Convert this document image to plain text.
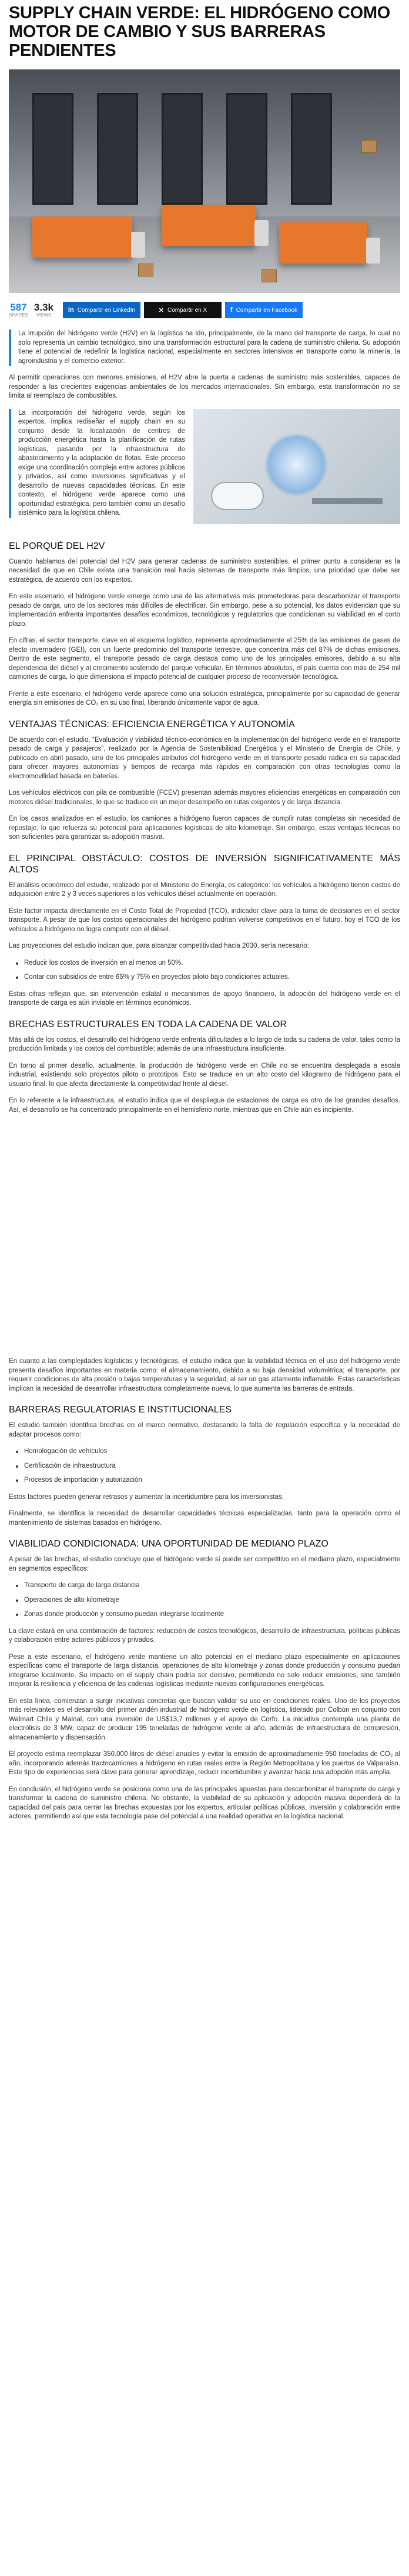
SUPPLY CHAIN VERDE: EL HIDRÓGENO COMO MOTOR DE CAMBIO Y SUS BARRERAS PENDIENTES
587
SHARES
3.3k
VIEWS
in Compartir en LinkedIn	✕ Compartir en X	f Compartir en Facebook

La irrupción del hidrógeno verde (H2V) en la logística ha ido, principalmente, de la mano del transporte de carga, lo cual no solo representa un cambio tecnológico, sino una transformación estructural para la cadena de suministro chilena. Su adopción tiene el potencial de redefinir la logística nacional, especialmente en sectores intensivos en transporte como la minería, la agroindustria y el comercio exterior.

Al permitir operaciones con menores emisiones, el H2V abre la puerta a cadenas de suministro más sostenibles, capaces de responder a las crecientes exigencias ambientales de los mercados internacionales. Sin embargo, esta transformación no se limita al reemplazo de combustibles.

La incorporación del hidrógeno verde, según los expertos, implica rediseñar el supply chain en su conjunto desde la localización de centros de producción energética hasta la planificación de rutas logísticas, pasando por la infraestructura de abastecimiento y la adaptación de flotas. Este proceso exige una coordinación compleja entre actores públicos y privados, así como inversiones significativas y el desarrollo de nuevas capacidades técnicas. En este contexto, el hidrógeno verde aparece como una oportunidad estratégica, pero también como un desafío sistémico para la logística chilena.

EL PORQUÉ DEL H2V

Cuando hablamos del potencial del H2V para generar cadenas de suministro sostenibles, el primer punto a considerar es la necesidad de que en Chile exista una transición real hacia sistemas de transporte más limpios, una prioridad que debe ser estratégica, de acuerdo con los expertos.

En este escenario, el hidrógeno verde emerge como una de las alternativas más prometedoras para descarbonizar el transporte pesado de carga, uno de los sectores más difíciles de electrificar. Sin embargo, pese a su potencial, los datos evidencian que su implementación enfrenta importantes desafíos económicos, tecnológicos y regulatorios que condicionan su viabilidad en el corto plazo.

En cifras, el sector transporte, clave en el esquema logístico, representa aproximadamente el 25% de las emisiones de gases de efecto invernadero (GEI), con un fuerte predominio del transporte terrestre, que concentra más del 87% de dichas emisiones. Dentro de este segmento, el transporte pesado de carga destaca como uno de los principales emisores, debido a su alta dependencia del diésel y al crecimiento sostenido del parque vehicular. En términos absolutos, el país cuenta con más de 254 mil camiones de carga, lo que dimensiona el impacto potencial de cualquier proceso de reconversión tecnológica.

Frente a este escenario, el hidrógeno verde aparece como una solución estratégica, principalmente por su capacidad de generar energía sin emisiones de CO₂ en su uso final, liberando únicamente vapor de agua.

VENTAJAS TÉCNICAS: EFICIENCIA ENERGÉTICA Y AUTONOMÍA

De acuerdo con el estudio, “Evaluación y viabilidad técnico-económica en la implementación del hidrógeno verde en el transporte pesado de carga y pasajeros”, realizado por la Agencia de Sostenibilidad Energética y el Ministerio de Energía de Chile, y publicado en abril pasado, uno de los principales atributos del hidrógeno verde en el transporte pesado radica en su capacidad para ofrecer mayores autonomías y tiempos de recarga más rápidos en comparación con otras tecnologías como la electromovilidad basada en baterías.

Los vehículos eléctricos con pila de combustible (FCEV) presentan además mayores eficiencias energéticas en comparación con motores diésel tradicionales, lo que se traduce en un mejor desempeño en rutas exigentes y de larga distancia.

En los casos analizados en el estudio, los camiones a hidrógeno fueron capaces de cumplir rutas completas sin necesidad de repostaje, lo que refuerza su potencial para aplicaciones logísticas de alto kilometraje. Sin embargo, estas ventajas técnicas no son suficientes para garantizar su adopción masiva.

EL PRINCIPAL OBSTÁCULO: COSTOS DE INVERSIÓN SIGNIFICATIVAMENTE MÁS ALTOS

El análisis económico del estudio, realizado por el Ministerio de Energía, es categórico: los vehículos a hidrógeno tienen costos de adquisición entre 2 y 3 veces superiores a los vehículos diésel actualmente en operación.

Este factor impacta directamente en el Costo Total de Propiedad (TCO), indicador clave para la toma de decisiones en el sector transporte. A pesar de que los costos operacionales del hidrógeno podrían volverse competitivos en el futuro, hoy el TCO de los vehículos a hidrógeno no logra competir con el diésel.

Las proyecciones del estudio indican que, para alcanzar competitividad hacia 2030, sería necesario:

Reducir los costos de inversión en al menos un 50%.
Contar con subsidios de entre 65% y 75% en proyectos piloto bajo condiciones actuales.

Estas cifras reflejan que, sin intervención estatal o mecanismos de apoyo financiero, la adopción del hidrógeno verde en el transporte de carga es aún inviable en términos económicos.

BRECHAS ESTRUCTURALES EN TODA LA CADENA DE VALOR

Más allá de los costos, el desarrollo del hidrógeno verde enfrenta dificultades a lo largo de toda su cadena de valor, tales como la producción limitada y los costos del combustible; además de una infraestructura insuficiente.

En torno al primer desafío, actualmente, la producción de hidrógeno verde en Chile no se encuentra desplegada a escala industrial, existiendo solo proyectos piloto o prototipos. Esto se traduce en un alto costo del kilogramo de hidrógeno para el usuario final, lo que afecta directamente la competitividad frente al diésel.

En lo referente a la infraestructura, el estudio indica que el despliegue de estaciones de carga es otro de los grandes desafíos. Así, el desarrollo se ha concentrado principalmente en el hemisferio norte, mientras que en Chile aún es incipiente.

En cuanto a las complejidades logísticas y tecnológicas, el estudio indica que la viabilidad técnica en el uso del hidrógeno verde presenta desafíos importantes en materia como: el almacenamiento, debido a su baja densidad volumétrica; el transporte, por requerir condiciones de alta presión o bajas temperaturas y la seguridad, al ser un gas altamente inflamable. Estas características implican la necesidad de desarrollar infraestructura completamente nueva, lo que aumenta las barreras de entrada.

BARRERAS REGULATORIAS E INSTITUCIONALES

El estudio también identifica brechas en el marco normativo, destacando la falta de regulación específica y la necesidad de adaptar procesos como:

Homologación de vehículos
Certificación de infraestructura
Procesos de importación y autorización

Estos factores pueden generar retrasos y aumentar la incertidumbre para los inversionistas.

Finalmente, se identifica la necesidad de desarrollar capacidades técnicas especializadas, tanto para la operación como el mantenimiento de sistemas basados en hidrógeno.

VIABILIDAD CONDICIONADA: UNA OPORTUNIDAD DE MEDIANO PLAZO

A pesar de las brechas, el estudio concluye que el hidrógeno verde sí puede ser competitivo en el mediano plazo, especialmente en segmentos específicos:

Transporte de carga de larga distancia
Operaciones de alto kilometraje
Zonas donde producción y consumo puedan integrarse localmente

La clave estará en una combinación de factores: reducción de costos tecnológicos, desarrollo de infraestructura, políticas públicas y colaboración entre actores públicos y privados.

Pese a este escenario, el hidrógeno verde mantiene un alto potencial en el mediano plazo especialmente en aplicaciones específicas como el transporte de larga distancia, operaciones de alto kilometraje y zonas donde producción y consumo puedan integrarse localmente. Su impacto en el supply chain podría ser decisivo, permitiendo no solo reducir emisiones, sino también mejorar la resiliencia y eficiencia de las cadenas logísticas mediante nuevas configuraciones energéticas.

En esta línea, comienzan a surgir iniciativas concretas que buscan validar su uso en condiciones reales. Uno de los proyectos más relevantes es el desarrollo del primer andén industrial de hidrógeno verde en logística, liderado por Colbún en conjunto con Walmart Chile y Mainal, con una inversión de US$13,7 millones y el apoyo de Corfo. La iniciativa contempla una planta de electrólisis de 3 MW, capaz de producir 195 toneladas de hidrógeno verde al año, además de infraestructura de compresión, almacenamiento y dispensación.

El proyecto estima reemplazar 350.000 litros de diésel anuales y evitar la emisión de aproximadamente 950 toneladas de CO₂ al año, incorporando además tractocamiones a hidrógeno en rutas reales entre la Región Metropolitana y los puertos de Valparaíso. Este tipo de experiencias será clave para generar aprendizaje, reducir incertidumbre y avanzar hacia una adopción más amplia.

En conclusión, el hidrógeno verde se posiciona como una de las principales apuestas para descarbonizar el transporte de carga y transformar la cadena de suministro chilena. No obstante, la viabilidad de su aplicación y adopción masiva dependerá de la capacidad del país para cerrar las brechas expuestas por los expertos, articular políticas públicas, inversión y colaboración entre actores, permitiendo así que esta tecnología pase del potencial a una realidad operativa en la logística nacional.
